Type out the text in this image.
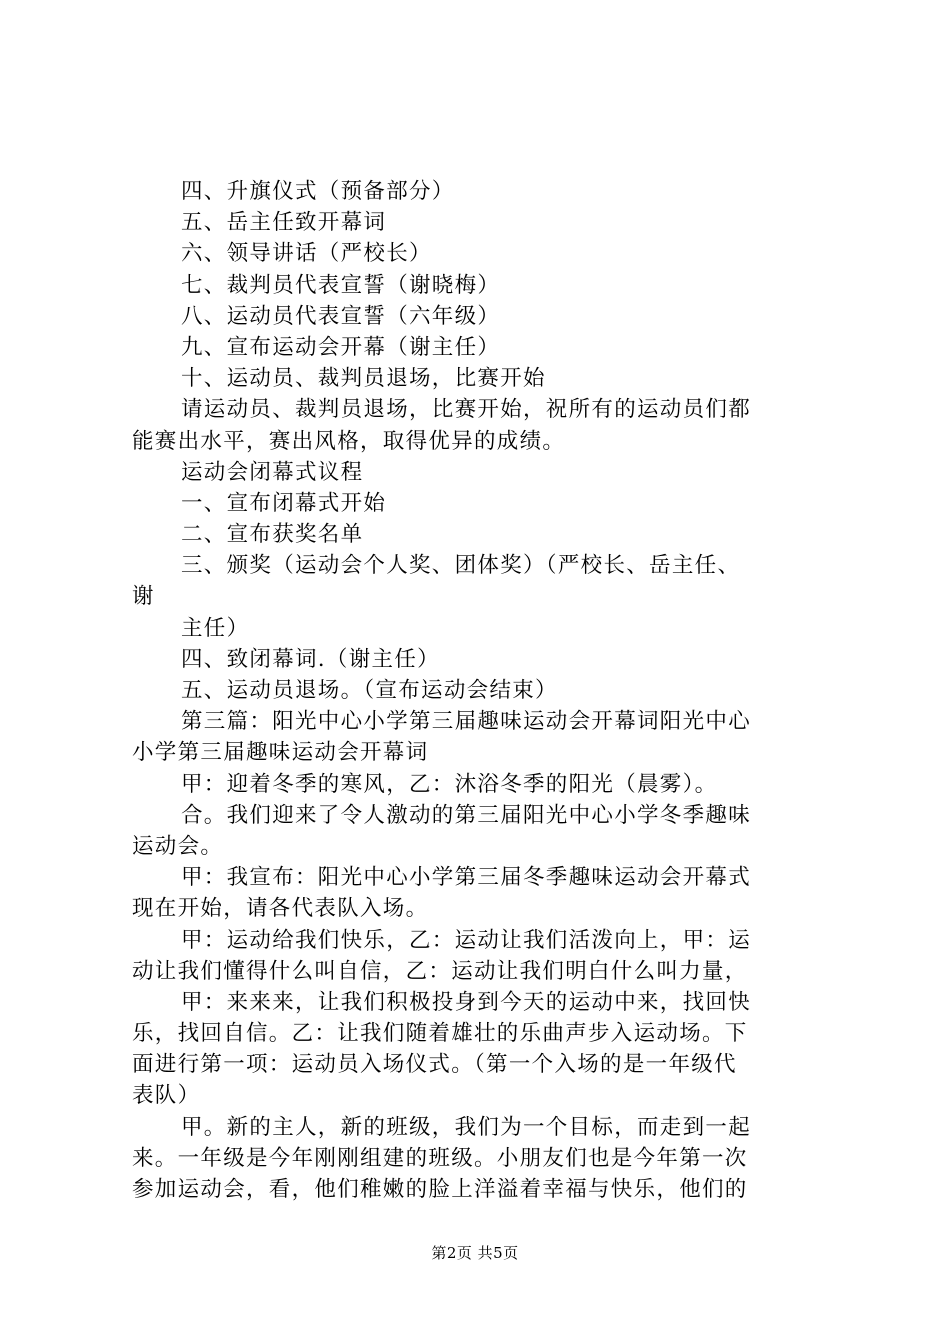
四、升旗仪式（预备部分）
五、岳主任致开幕词
六、领导讲话（严校长）
七、裁判员代表宣誓（谢晓梅）
八、运动员代表宣誓（六年级）
九、宣布运动会开幕（谢主任）
十、运动员、裁判员退场，比赛开始
请运动员、裁判员退场，比赛开始，祝所有的运动员们都
能赛出水平，赛出风格，取得优异的成绩。
运动会闭幕式议程
一、宣布闭幕式开始
二、宣布获奖名单
三、颁奖（运动会个人奖、团体奖）（严校长、岳主任、
谢
主任）
四、致闭幕词.（谢主任）
五、运动员退场。（宣布运动会结束）
第三篇：阳光中心小学第三届趣味运动会开幕词阳光中心
小学第三届趣味运动会开幕词
甲：迎着冬季的寒风，乙：沐浴冬季的阳光（晨雾）。
合。我们迎来了令人激动的第三届阳光中心小学冬季趣味
运动会。
甲：我宣布：阳光中心小学第三届冬季趣味运动会开幕式
现在开始，请各代表队入场。
甲：运动给我们快乐，乙：运动让我们活泼向上，甲：运
动让我们懂得什么叫自信，乙：运动让我们明白什么叫力量，
甲：来来来，让我们积极投身到今天的运动中来，找回快
乐，找回自信。乙：让我们随着雄壮的乐曲声步入运动场。下
面进行第一项：运动员入场仪式。（第一个入场的是一年级代
表队）
甲。新的主人，新的班级，我们为一个目标，而走到一起
来。一年级是今年刚刚组建的班级。小朋友们也是今年第一次
参加运动会，看，他们稚嫩的脸上洋溢着幸福与快乐，他们的
第2页 共5页
